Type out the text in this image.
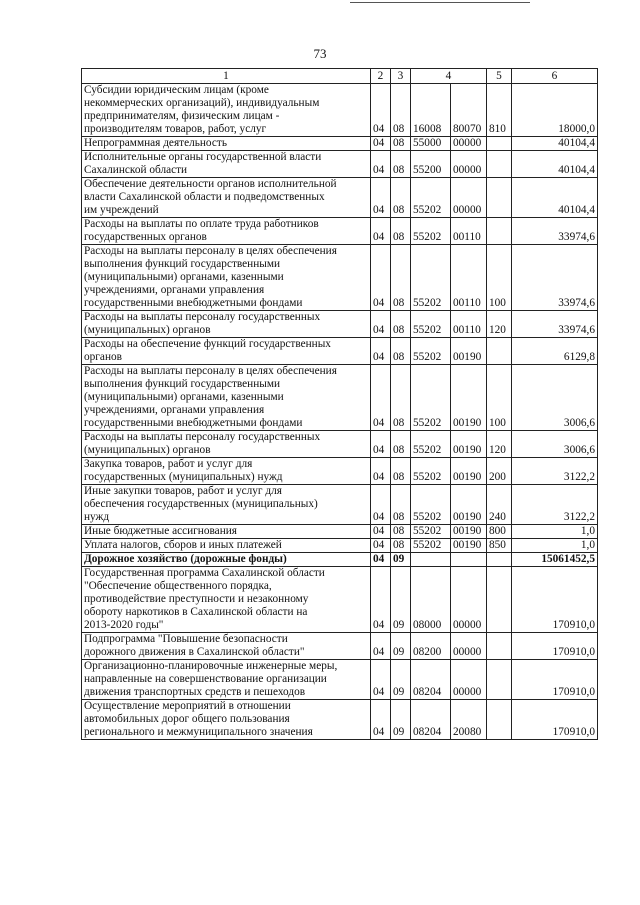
73
1	2	3	4		5	6
Субсидии юридическим лицам (кроме
некоммерческих организаций), индивидуальным
предпринимателям, физическим лицам -
производителям товаров, работ, услуг	04	08	16008	80070	810	18000,0
Непрограммная деятельность	04	08	55000	00000		40104,4
Исполнительные органы государственной власти
Сахалинской области	04	08	55200	00000		40104,4
Обеспечение деятельности органов исполнительной
власти Сахалинской области и подведомственных
им учреждений	04	08	55202	00000		40104,4
Расходы на выплаты по оплате труда работников
государственных органов	04	08	55202	00110		33974,6
Расходы на выплаты персоналу в целях обеспечения
выполнения функций государственными
(муниципальными) органами, казенными
учреждениями, органами управления
государственными внебюджетными фондами	04	08	55202	00110	100	33974,6
Расходы на выплаты персоналу государственных
(муниципальных) органов	04	08	55202	00110	120	33974,6
Расходы на обеспечение функций государственных
органов	04	08	55202	00190		6129,8
Расходы на выплаты персоналу в целях обеспечения
выполнения функций государственными
(муниципальными) органами, казенными
учреждениями, органами управления
государственными внебюджетными фондами	04	08	55202	00190	100	3006,6
Расходы на выплаты персоналу государственных
(муниципальных) органов	04	08	55202	00190	120	3006,6
Закупка товаров, работ и услуг для
государственных (муниципальных) нужд	04	08	55202	00190	200	3122,2
Иные закупки товаров, работ и услуг для
обеспечения государственных (муниципальных)
нужд	04	08	55202	00190	240	3122,2
Иные бюджетные ассигнования	04	08	55202	00190	800	1,0
Уплата налогов, сборов и иных платежей	04	08	55202	00190	850	1,0
Дорожное хозяйство (дорожные фонды)	04	09				15061452,5
Государственная программа Сахалинской области
"Обеспечение общественного порядка,
противодействие преступности и незаконному
обороту наркотиков в Сахалинской области на
2013-2020 годы"	04	09	08000	00000		170910,0
Подпрограмма "Повышение безопасности
дорожного движения в Сахалинской области"	04	09	08200	00000		170910,0
Организационно-планировочные инженерные меры,
направленные на совершенствование организации
движения транспортных средств и пешеходов	04	09	08204	00000		170910,0
Осуществление мероприятий в отношении
автомобильных дорог общего пользования
регионального и межмуниципального значения	04	09	08204	20080		170910,0
